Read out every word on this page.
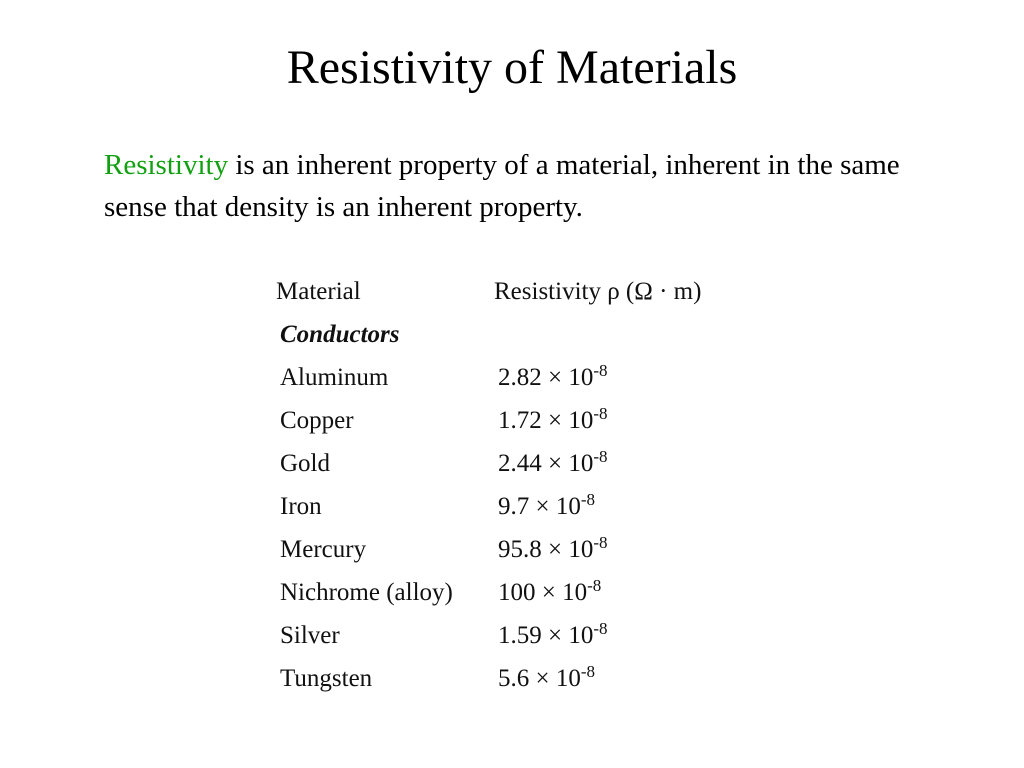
Resistivity of Materials

Resistivity is an inherent property of a material, inherent in the same sense that density is an inherent property.

Material	Resistivity ρ (Ω · m)
Conductors
Aluminum	$2.82 \times 10^{-8}$
Copper	$1.72 \times 10^{-8}$
Gold	$2.44 \times 10^{-8}$
Iron	$9.7 \times 10^{-8}$
Mercury	$95.8 \times 10^{-8}$
Nichrome (alloy) $100 \times 10^{-8}$
Silver	$1.59 \times 10^{-8}$
Tungsten	$5.6 \times 10^{-8}$
